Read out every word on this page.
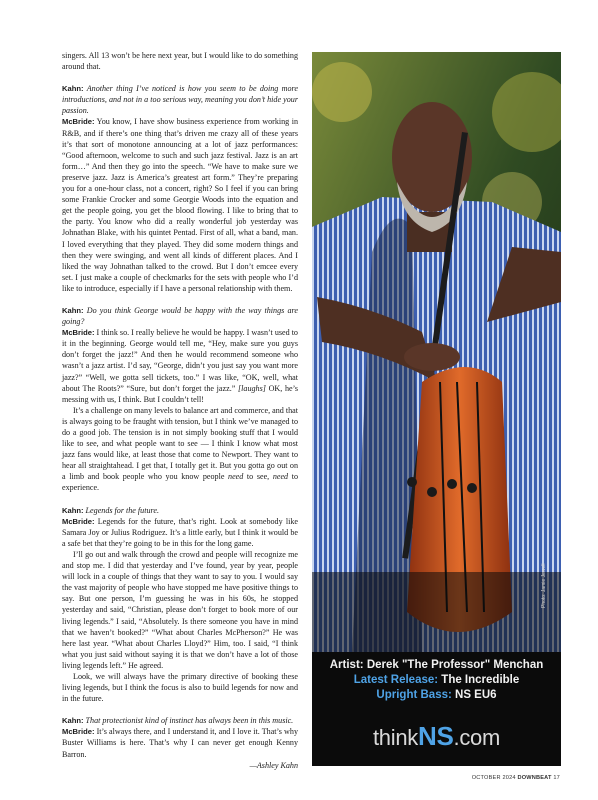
singers. All 13 won’t be here next year, but I would like to do something around that.

Kahn: Another thing I’ve noticed is how you seem to be doing more introductions, and not in a too serious way, meaning you don’t hide your passion.

McBride: You know, I have show business experience from working in R&B, and if there’s one thing that’s driven me crazy all of these years it’s that sort of monotone announcing at a lot of jazz performances: “Good afternoon, welcome to such and such jazz festival. Jazz is an art form…” And then they go into the speech. “We have to make sure we preserve jazz. Jazz is America’s greatest art form.” They’re preparing you for a one-hour class, not a concert, right? So I feel if you can bring some Frankie Crocker and some Georgie Woods into the equation and get the people going, you get the blood flowing. I like to bring that to the party. You know who did a really wonderful job yesterday was Johnathan Blake, with his quintet Pentad. First of all, what a band, man. I loved everything that they played. They did some modern things and then they were swinging, and went all kinds of different places. And I liked the way Johnathan talked to the crowd. But I don’t emcee every set. I just make a couple of checkmarks for the sets with people who I’d like to introduce, especially if I have a personal relationship with them.

Kahn: Do you think George would be happy with the way things are going?

McBride: I think so. I really believe he would be happy. I wasn’t used to it in the beginning. George would tell me, “Hey, make sure you guys don’t forget the jazz!” And then he would recommend someone who wasn’t a jazz artist. I’d say, “George, didn’t you just say you want more jazz?” “Well, we gotta sell tickets, too.” I was like, “OK, well, what about The Roots?” “Sure, but don’t forget the jazz.” [laughs] OK, he’s messing with us, I think. But I couldn’t tell!

It’s a challenge on many levels to balance art and commerce, and that is always going to be fraught with tension, but I think we’ve managed to do a good job. The tension is in not simply booking stuff that I would like to see, and what people want to see — I think I know what most jazz fans would like, at least those that come to Newport. They want to hear all straightahead. I get that, I totally get it. But you gotta go out on a limb and book people who you know people need to see, need to experience.

Kahn: Legends for the future.

McBride: Legends for the future, that’s right. Look at somebody like Samara Joy or Julius Rodriguez. It’s a little early, but I think it would be a safe bet that they’re going to be in this for the long game.

I’ll go out and walk through the crowd and people will recognize me and stop me. I did that yesterday and I’ve found, year by year, people will lock in a couple of things that they want to say to you. I would say the vast majority of people who have stopped me have positive things to say. But one person, I’m guessing he was in his 60s, he stopped yesterday and said, “Christian, please don’t forget to book more of our living legends.” I said, “Absolutely. Is there someone you have in mind that we haven’t booked?” “What about Charles McPherson?” He was here last year. “What about Charles Lloyd?” Him, too. I said, “I think what you just said without saying it is that we don’t have a lot of those living legends left.” He agreed.

Look, we will always have the primary directive of booking these living legends, but I think the focus is also to build legends for now and in the future.

Kahn: That protectionist kind of instinct has always been in this music.

McBride: It’s always there, and I understand it, and I love it. That’s why Buster Williams is here. That’s why I can never get enough Kenny Barron.

—Ashley Kahn

Photo: Jamie Jewell
Artist: Derek "The Professor" Menchan
Latest Release: The Incredible
Upright Bass: NS EU6
thinkNS.com
OCTOBER 2024 DOWNBEAT 17
